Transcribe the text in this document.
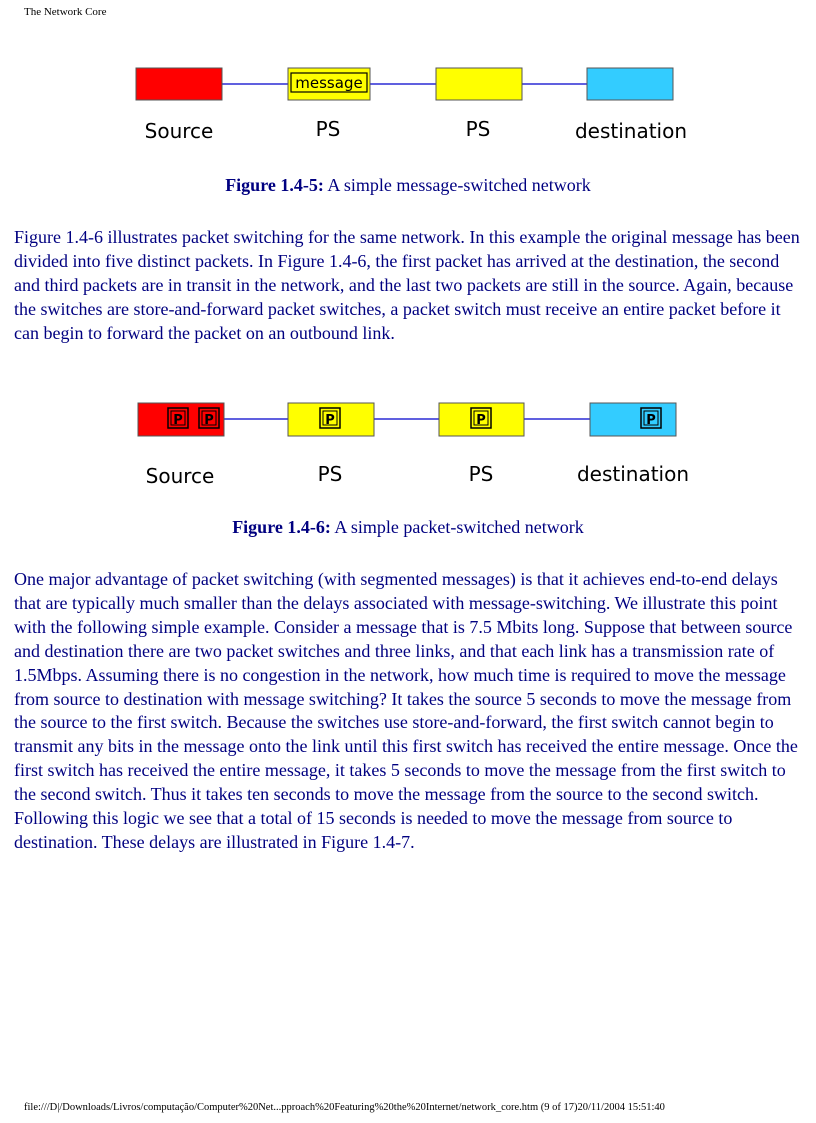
The Network Core
message
Source	PS	PS	destination
Figure 1.4-5: A simple message-switched network

Figure 1.4-6 illustrates packet switching for the same network. In this example the original message has been divided into five distinct packets. In Figure 1.4-6, the first packet has arrived at the destination, the second and third packets are in transit in the network, and the last two packets are still in the source. Again, because the switches are store-and-forward packet switches, a packet switch must receive an entire packet before it can begin to forward the packet on an outbound link.

P P	P	P	P
Source	PS	PS	destination
Figure 1.4-6: A simple packet-switched network

One major advantage of packet switching (with segmented messages) is that it achieves end-to-end delays that are typically much smaller than the delays associated with message-switching. We illustrate this point with the following simple example. Consider a message that is 7.5 Mbits long. Suppose that between source and destination there are two packet switches and three links, and that each link has a transmission rate of 1.5Mbps. Assuming there is no congestion in the network, how much time is required to move the message from source to destination with message switching? It takes the source 5 seconds to move the message from the source to the first switch. Because the switches use store-and-forward, the first switch cannot begin to transmit any bits in the message onto the link until this first switch has received the entire message. Once the first switch has received the entire message, it takes 5 seconds to move the message from the first switch to the second switch. Thus it takes ten seconds to move the message from the source to the second switch. Following this logic we see that a total of 15 seconds is needed to move the message from source to destination. These delays are illustrated in Figure 1.4-7.

file:///D|/Downloads/Livros/computação/Computer%20Net...pproach%20Featuring%20the%20Internet/network_core.htm (9 of 17)20/11/2004 15:51:40
